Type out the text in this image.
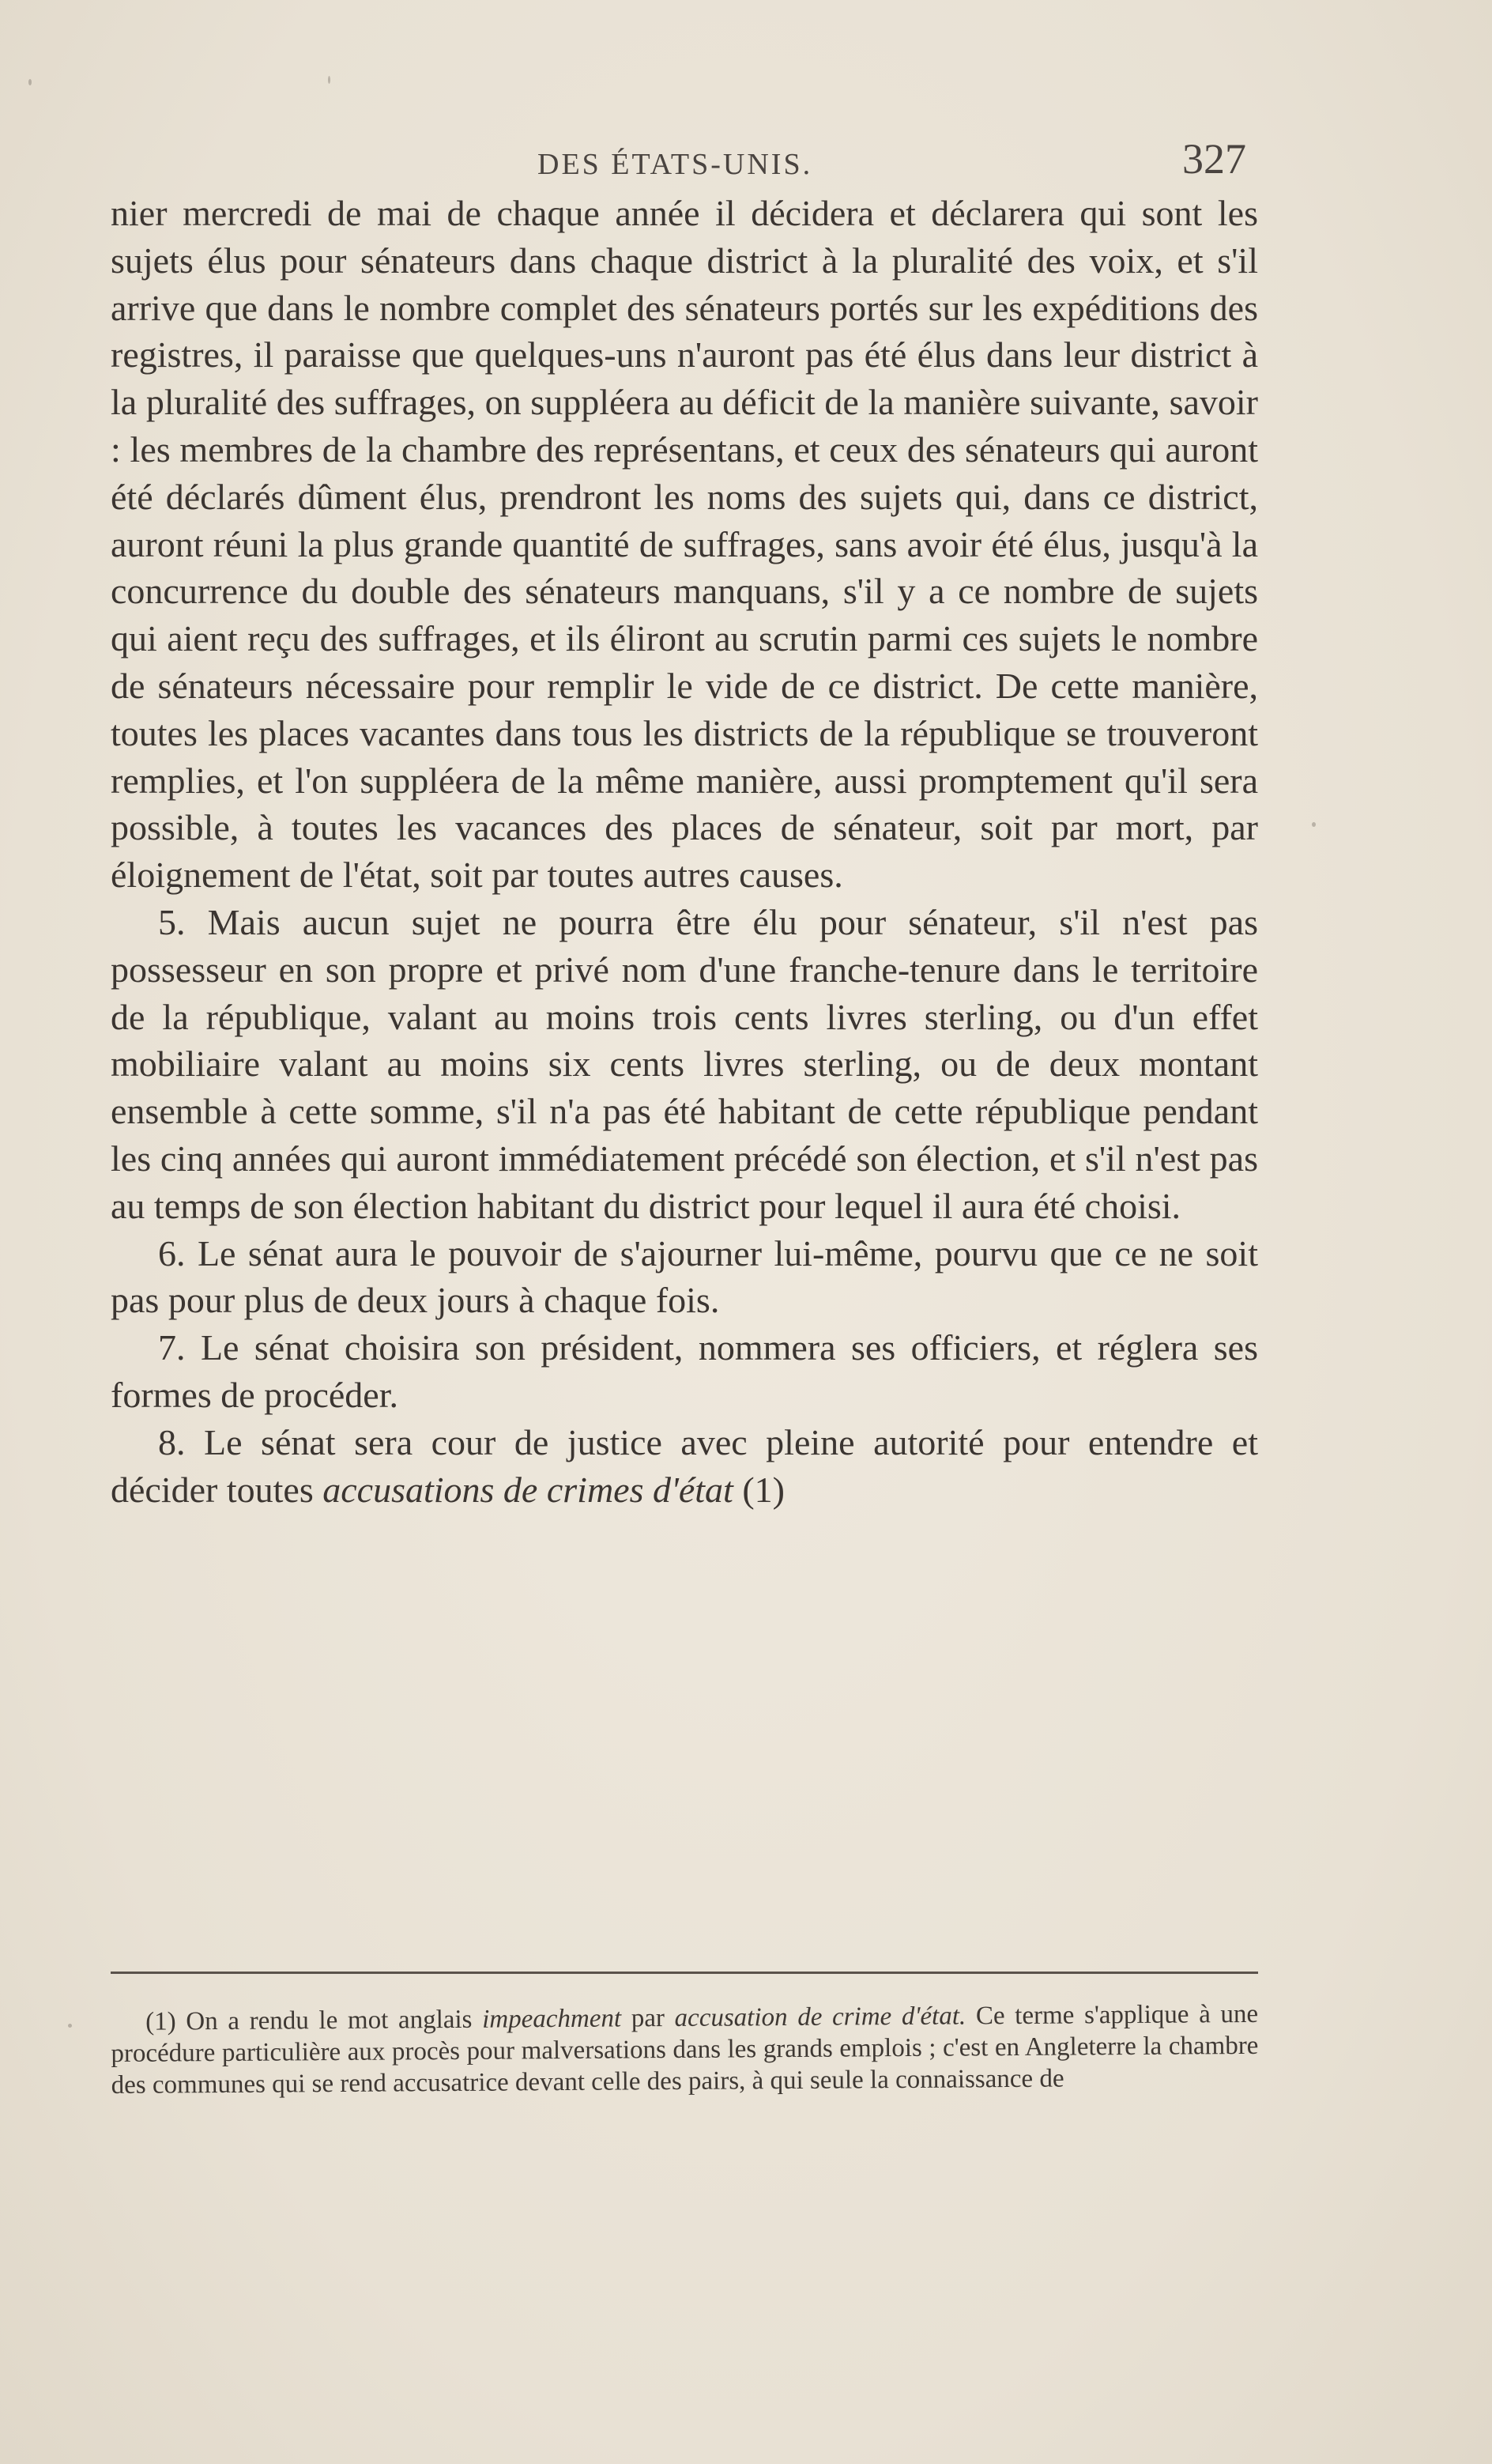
DES ÉTATS-UNIS.	327

nier mercredi de mai de chaque année il décidera et déclarera qui sont les sujets élus pour sénateurs dans chaque district à la pluralité des voix, et s'il arrive que dans le nombre complet des sénateurs portés sur les expéditions des registres, il paraisse que quelques-uns n'auront pas été élus dans leur district à la pluralité des suffrages, on suppléera au déficit de la manière suivante, savoir : les membres de la chambre des représentans, et ceux des sénateurs qui auront été déclarés dûment élus, prendront les noms des sujets qui, dans ce district, auront réuni la plus grande quantité de suffrages, sans avoir été élus, jusqu'à la concurrence du double des sénateurs manquans, s'il y a ce nombre de sujets qui aient reçu des suffrages, et ils éliront au scrutin parmi ces sujets le nombre de sénateurs nécessaire pour remplir le vide de ce district. De cette manière, toutes les places vacantes dans tous les districts de la république se trouveront remplies, et l'on suppléera de la même manière, aussi promptement qu'il sera possible, à toutes les vacances des places de sénateur, soit par mort, par éloignement de l'état, soit par toutes autres causes.

5. Mais aucun sujet ne pourra être élu pour sénateur, s'il n'est pas possesseur en son propre et privé nom d'une franche-tenure dans le territoire de la république, valant au moins trois cents livres sterling, ou d'un effet mobiliaire valant au moins six cents livres sterling, ou de deux montant ensemble à cette somme, s'il n'a pas été habitant de cette république pendant les cinq années qui auront immédiatement précédé son élection, et s'il n'est pas au temps de son élection habitant du district pour lequel il aura été choisi.

6. Le sénat aura le pouvoir de s'ajourner lui-même, pourvu que ce ne soit pas pour plus de deux jours à chaque fois.

7. Le sénat choisira son président, nommera ses officiers, et réglera ses formes de procéder.

8. Le sénat sera cour de justice avec pleine autorité pour entendre et décider toutes accusations de crimes d'état (1)

(1) On a rendu le mot anglais impeachment par accusation de crime d'état. Ce terme s'applique à une procédure particulière aux procès pour malversations dans les grands emplois ; c'est en Angleterre la chambre des communes qui se rend accusatrice devant celle des pairs, à qui seule la connaissance de
